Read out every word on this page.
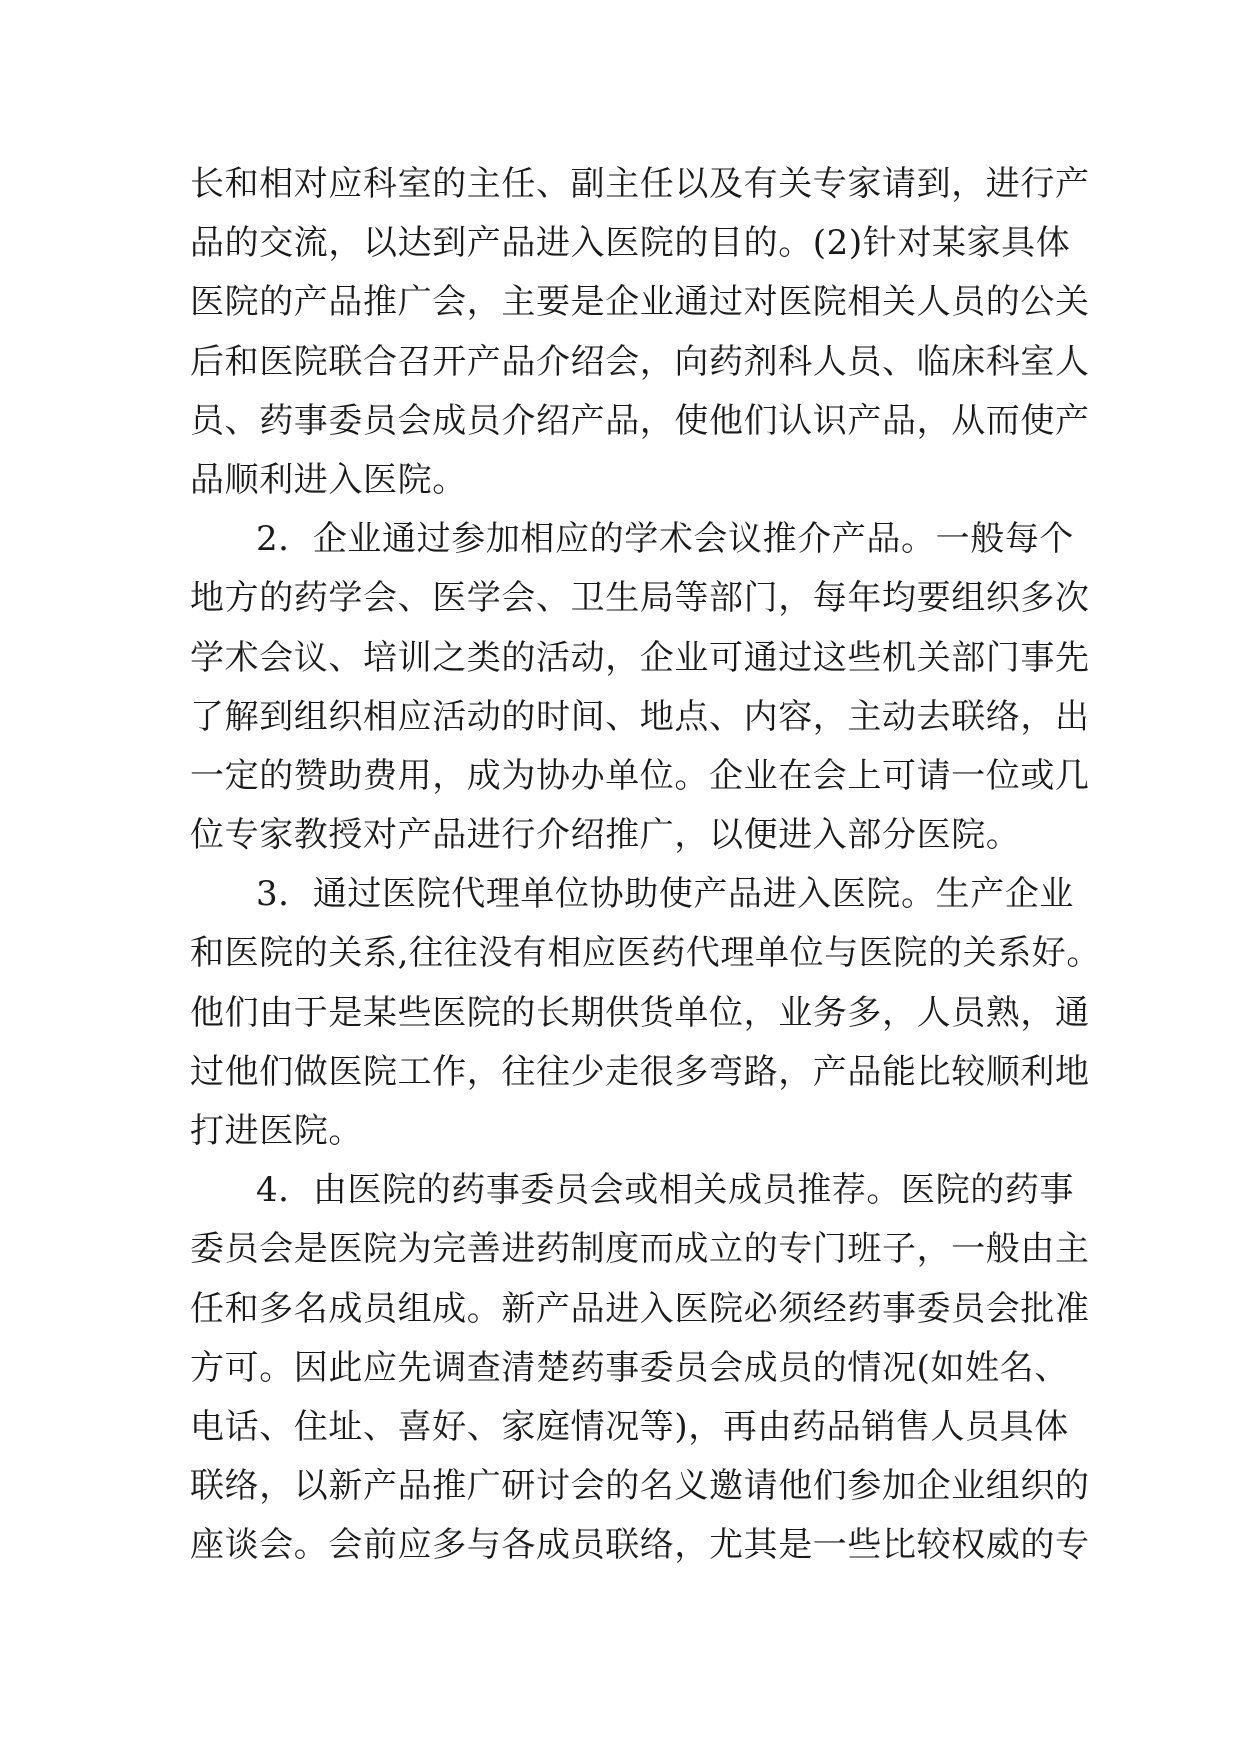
长和相对应科室的主任、副主任以及有关专家请到，进行产
品的交流，以达到产品进入医院的目的。(2)针对某家具体
医院的产品推广会，主要是企业通过对医院相关人员的公关
后和医院联合召开产品介绍会，向药剂科人员、临床科室人
员、药事委员会成员介绍产品，使他们认识产品，从而使产
品顺利进入医院。
2．企业通过参加相应的学术会议推介产品。一般每个
地方的药学会、医学会、卫生局等部门，每年均要组织多次
学术会议、培训之类的活动，企业可通过这些机关部门事先
了解到组织相应活动的时间、地点、内容，主动去联络，出
一定的赞助费用，成为协办单位。企业在会上可请一位或几
位专家教授对产品进行介绍推广，以便进入部分医院。
3．通过医院代理单位协助使产品进入医院。生产企业
和医院的关系,往往没有相应医药代理单位与医院的关系好。
他们由于是某些医院的长期供货单位，业务多，人员熟，通
过他们做医院工作，往往少走很多弯路，产品能比较顺利地
打进医院。
4．由医院的药事委员会或相关成员推荐。医院的药事
委员会是医院为完善进药制度而成立的专门班子，一般由主
任和多名成员组成。新产品进入医院必须经药事委员会批准
方可。因此应先调查清楚药事委员会成员的情况(如姓名、
电话、住址、喜好、家庭情况等)，再由药品销售人员具体
联络，以新产品推广研讨会的名义邀请他们参加企业组织的
座谈会。会前应多与各成员联络，尤其是一些比较权威的专
